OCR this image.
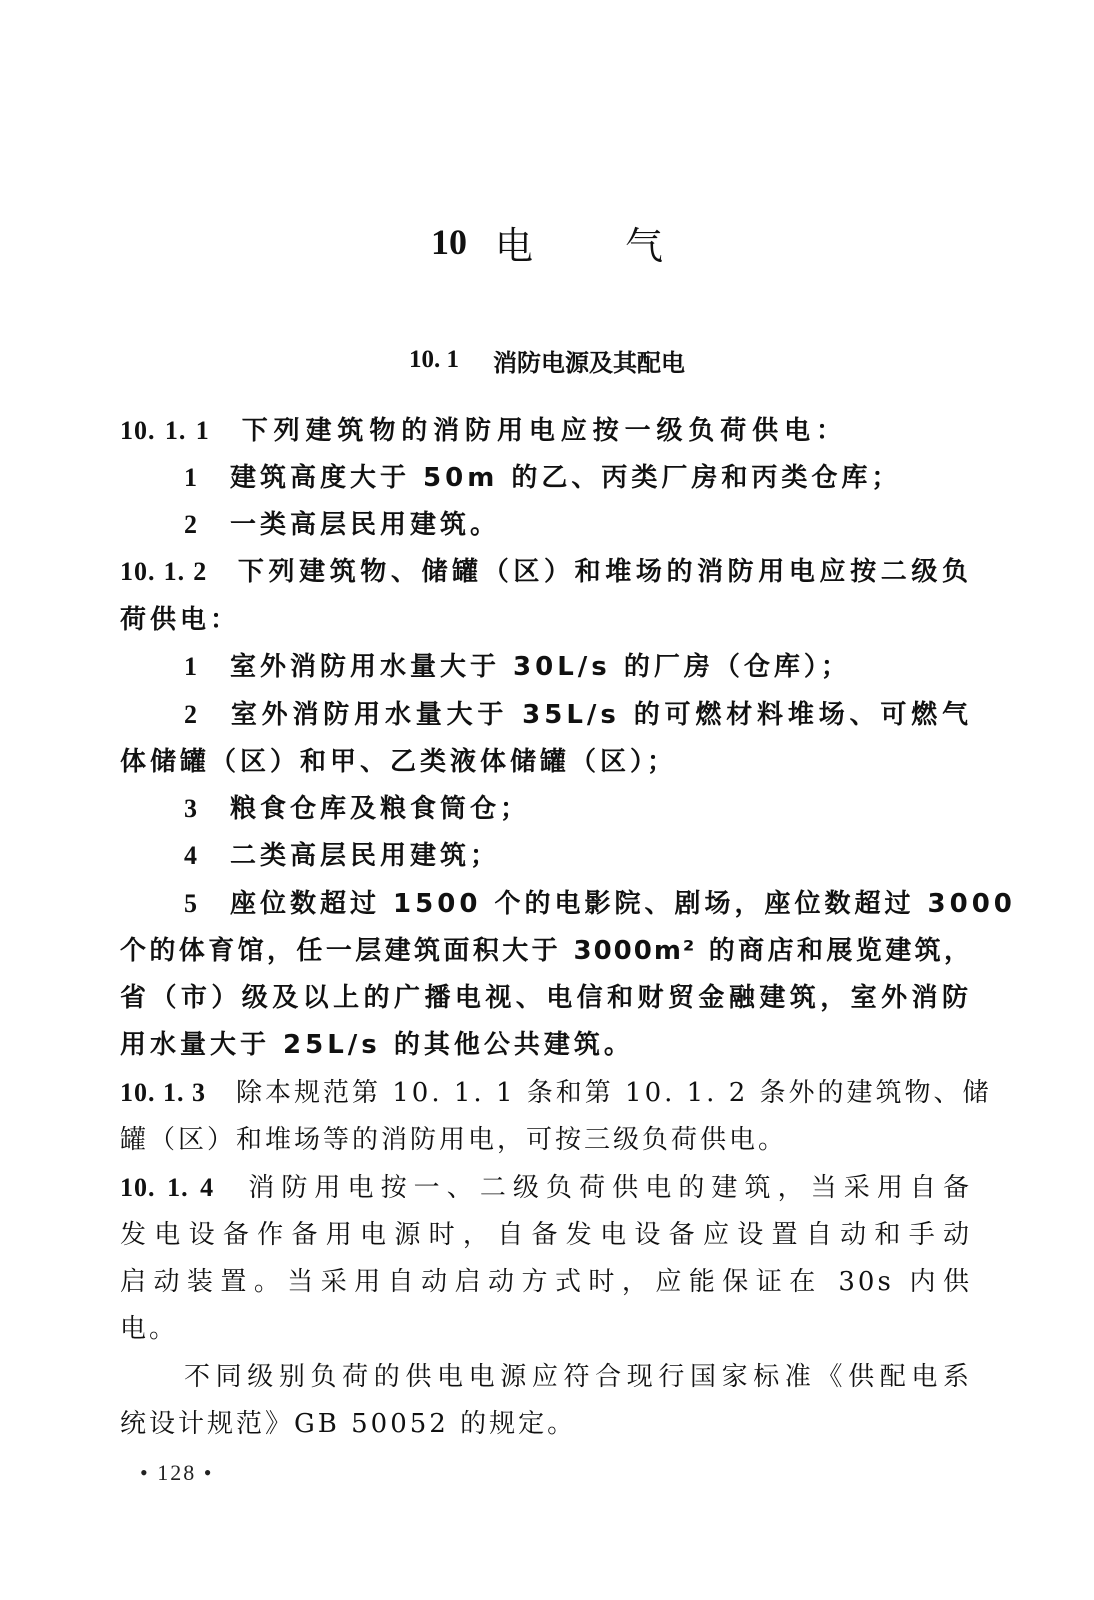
10 电 气
10. 1 消防电源及其配电
10. 1. 1 下列建筑物的消防用电应按一级负荷供电：
1 建筑高度大于 50m 的乙、丙类厂房和丙类仓库；
2 一类高层民用建筑。
10. 1. 2 下列建筑物、储罐（区）和堆场的消防用电应按二级负
荷供电：
1 室外消防用水量大于 30L/s 的厂房（仓库）；
2 室外消防用水量大于 35L/s 的可燃材料堆场、可燃气
体储罐（区）和甲、乙类液体储罐（区）；
3 粮食仓库及粮食筒仓；
4 二类高层民用建筑；
5 座位数超过 1500 个的电影院、剧场，座位数超过 3000
个的体育馆，任一层建筑面积大于 3000m² 的商店和展览建筑，
省（市）级及以上的广播电视、电信和财贸金融建筑，室外消防
用水量大于 25L/s 的其他公共建筑。
10. 1. 3 除本规范第 10. 1. 1 条和第 10. 1. 2 条外的建筑物、储
罐（区）和堆场等的消防用电，可按三级负荷供电。
10. 1. 4 消防用电按一、二级负荷供电的建筑，当采用自备
发电设备作备用电源时，自备发电设备应设置自动和手动
启动装置。当采用自动启动方式时，应能保证在 30s 内供
电。
不同级别负荷的供电电源应符合现行国家标准《供配电系
统设计规范》GB 50052 的规定。
• 128 •
